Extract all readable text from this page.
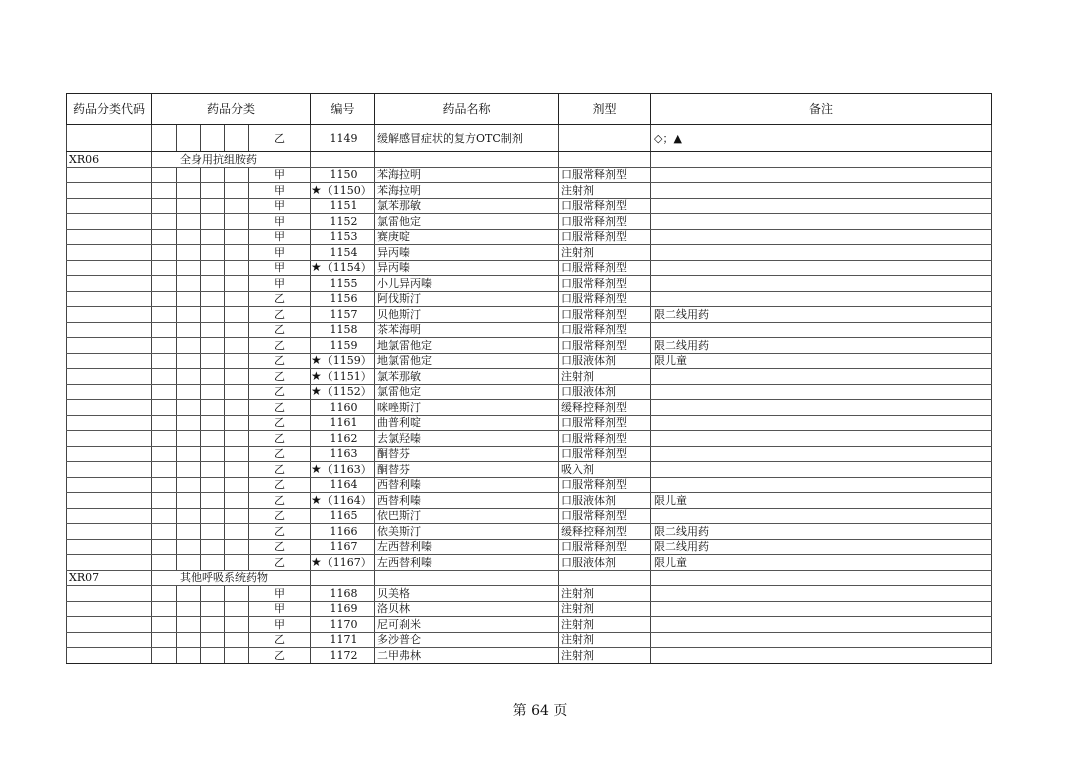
药品分类代码	药品分类					编号	药品名称	剂型	备注
					乙	1149	缓解感冒症状的复方OTC制剂		◇；▲
XR06	全身用抗组胺药								
					甲	1150	苯海拉明	口服常释剂型	
					甲	★（1150）	苯海拉明	注射剂	
					甲	1151	氯苯那敏	口服常释剂型	
					甲	1152	氯雷他定	口服常释剂型	
					甲	1153	赛庚啶	口服常释剂型	
					甲	1154	异丙嗪	注射剂	
					甲	★（1154）	异丙嗪	口服常释剂型	
					甲	1155	小儿异丙嗪	口服常释剂型	
					乙	1156	阿伐斯汀	口服常释剂型	
					乙	1157	贝他斯汀	口服常释剂型	限二线用药
					乙	1158	茶苯海明	口服常释剂型	
					乙	1159	地氯雷他定	口服常释剂型	限二线用药
					乙	★（1159）	地氯雷他定	口服液体剂	限儿童
					乙	★（1151）	氯苯那敏	注射剂	
					乙	★（1152）	氯雷他定	口服液体剂	
					乙	1160	咪唑斯汀	缓释控释剂型	
					乙	1161	曲普利啶	口服常释剂型	
					乙	1162	去氯羟嗪	口服常释剂型	
					乙	1163	酮替芬	口服常释剂型	
					乙	★（1163）	酮替芬	吸入剂	
					乙	1164	西替利嗪	口服常释剂型	
					乙	★（1164）	西替利嗪	口服液体剂	限儿童
					乙	1165	依巴斯汀	口服常释剂型	
					乙	1166	依美斯汀	缓释控释剂型	限二线用药
					乙	1167	左西替利嗪	口服常释剂型	限二线用药
					乙	★（1167）	左西替利嗪	口服液体剂	限儿童
XR07	其他呼吸系统药物								
					甲	1168	贝美格	注射剂	
					甲	1169	洛贝林	注射剂	
					甲	1170	尼可刹米	注射剂	
					乙	1171	多沙普仑	注射剂	
					乙	1172	二甲弗林	注射剂	
第 64 页
